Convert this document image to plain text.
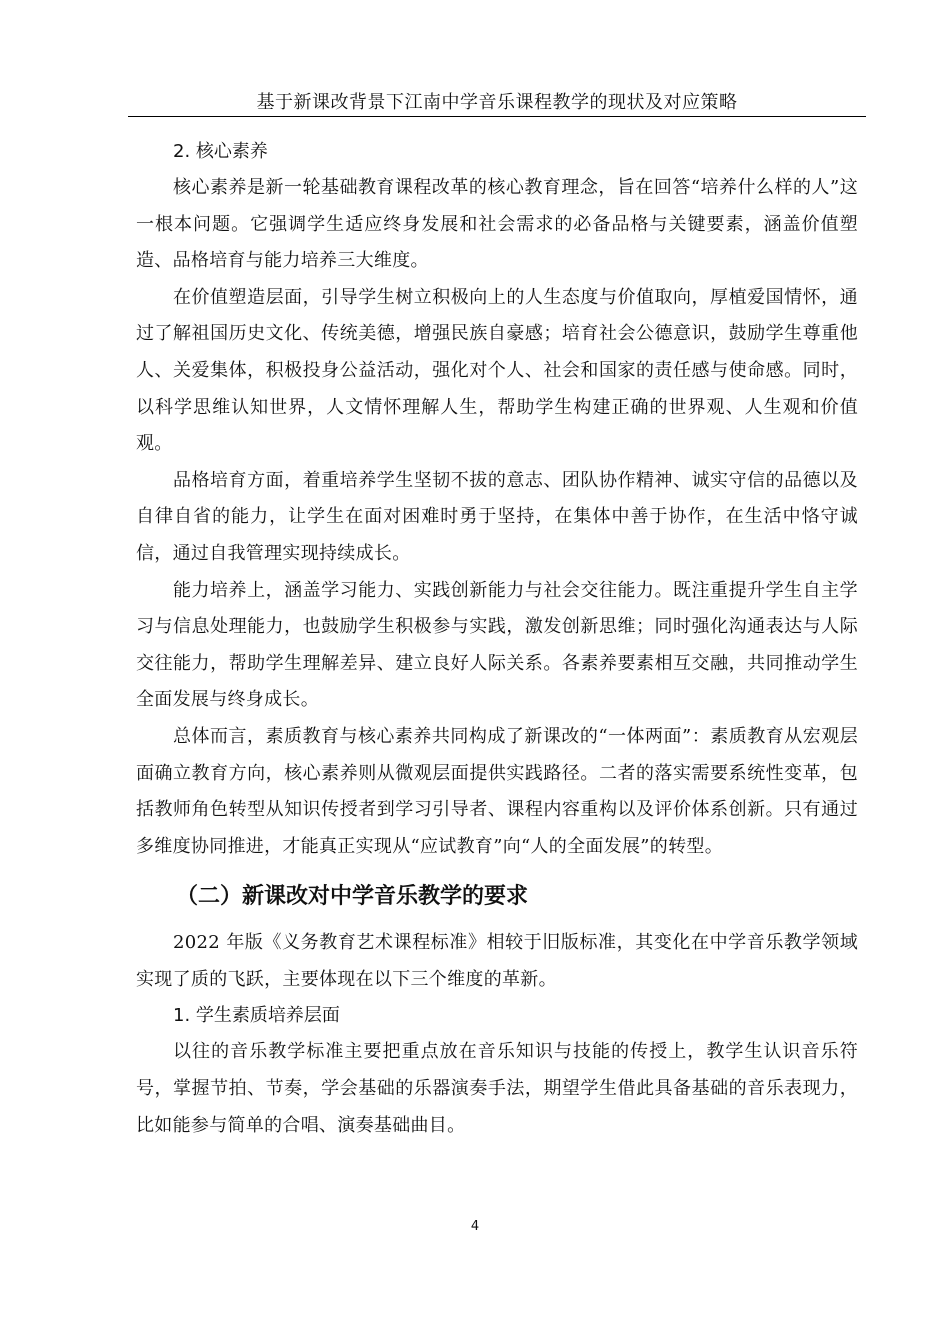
基于新课改背景下江南中学音乐课程教学的现状及对应策略

2. 核心素养

核心素养是新一轮基础教育课程改革的核心教育理念，旨在回答“培养什么样的人”这一根本问题。它强调学生适应终身发展和社会需求的必备品格与关键要素，涵盖价值塑造、品格培育与能力培养三大维度。

在价值塑造层面，引导学生树立积极向上的人生态度与价值取向，厚植爱国情怀，通过了解祖国历史文化、传统美德，增强民族自豪感；培育社会公德意识，鼓励学生尊重他人、关爱集体，积极投身公益活动，强化对个人、社会和国家的责任感与使命感。同时，以科学思维认知世界，人文情怀理解人生，帮助学生构建正确的世界观、人生观和价值观。

品格培育方面，着重培养学生坚韧不拔的意志、团队协作精神、诚实守信的品德以及自律自省的能力，让学生在面对困难时勇于坚持，在集体中善于协作，在生活中恪守诚信，通过自我管理实现持续成长。

能力培养上，涵盖学习能力、实践创新能力与社会交往能力。既注重提升学生自主学习与信息处理能力，也鼓励学生积极参与实践，激发创新思维；同时强化沟通表达与人际交往能力，帮助学生理解差异、建立良好人际关系。各素养要素相互交融，共同推动学生全面发展与终身成长。

总体而言，素质教育与核心素养共同构成了新课改的“一体两面”：素质教育从宏观层面确立教育方向，核心素养则从微观层面提供实践路径。二者的落实需要系统性变革，包括教师角色转型从知识传授者到学习引导者、课程内容重构以及评价体系创新。只有通过多维度协同推进，才能真正实现从“应试教育”向“人的全面发展”的转型。

（二）新课改对中学音乐教学的要求

2022 年版《义务教育艺术课程标准》相较于旧版标准，其变化在中学音乐教学领域实现了质的飞跃，主要体现在以下三个维度的革新。

1. 学生素质培养层面

以往的音乐教学标准主要把重点放在音乐知识与技能的传授上，教学生认识音乐符号，掌握节拍、节奏，学会基础的乐器演奏手法，期望学生借此具备基础的音乐表现力，比如能参与简单的合唱、演奏基础曲目。

4
